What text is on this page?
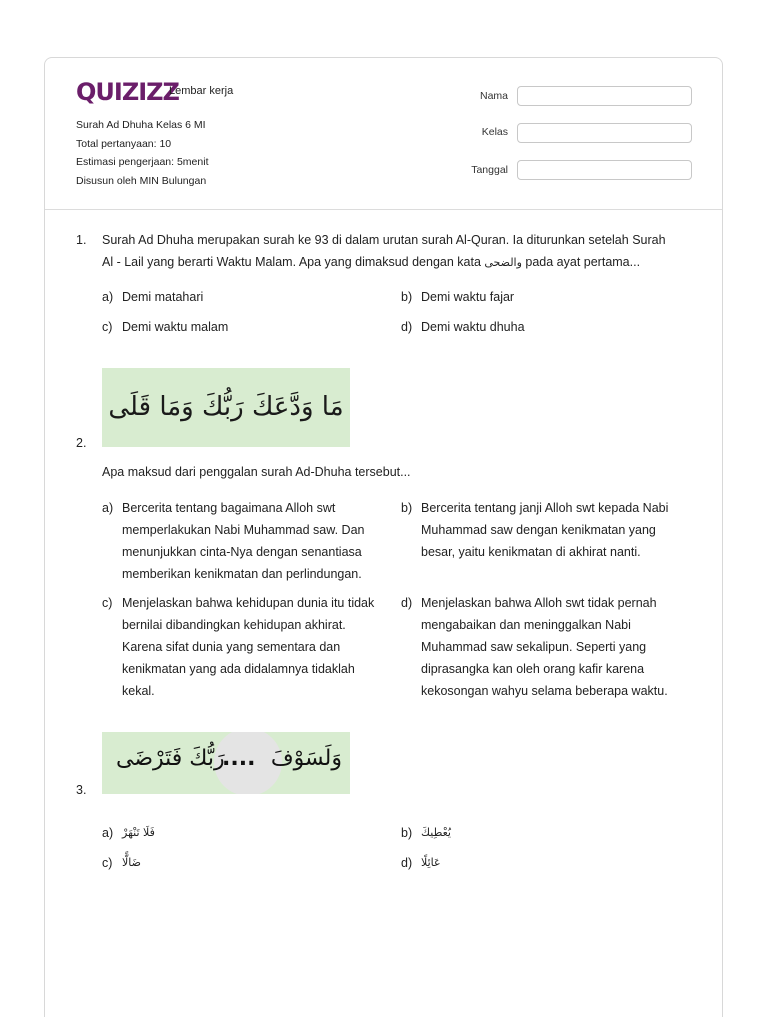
QUIZIZZ
Lembar kerja
Surah Ad Dhuha Kelas 6 MI
Total pertanyaan: 10
Estimasi pengerjaan: 5menit
Disusun oleh MIN Bulungan
Nama
Kelas
Tanggal
1. Surah Ad Dhuha merupakan surah ke 93 di dalam urutan surah Al-Quran. Ia diturunkan setelah Surah
Al - Lail yang berarti Waktu Malam. Apa yang dimaksud dengan kata والضحى pada ayat pertama...
a) Demi matahari	b) Demi waktu fajar
c) Demi waktu malam	d) Demi waktu dhuha
مَا وَدَّعَكَ رَبُّكَ وَمَا قَلَى
2.
Apa maksud dari penggalan surah Ad-Dhuha tersebut...
a) Bercerita tentang bagaimana Alloh swt
memperlakukan Nabi Muhammad saw. Dan
menunjukkan cinta-Nya dengan senantiasa
memberikan kenikmatan dan perlindungan.
b) Bercerita tentang janji Alloh swt kepada Nabi
Muhammad saw dengan kenikmatan yang
besar, yaitu kenikmatan di akhirat nanti.
c) Menjelaskan bahwa kehidupan dunia itu tidak
bernilai dibandingkan kehidupan akhirat.
Karena sifat dunia yang sementara dan
kenikmatan yang ada didalamnya tidaklah
kekal.
d) Menjelaskan bahwa Alloh swt tidak pernah
mengabaikan dan meninggalkan Nabi
Muhammad saw sekalipun. Seperti yang
diprasangka kan oleh orang kafir karena
kekosongan wahyu selama beberapa waktu.
وَلَسَوْفَ
....
رَبُّكَ فَتَرْضَى
3.
a) فَلَا تَنْهَرْ	b) يُعْطِيكَ
c) ضَالًّا	d) عَائِلًا
